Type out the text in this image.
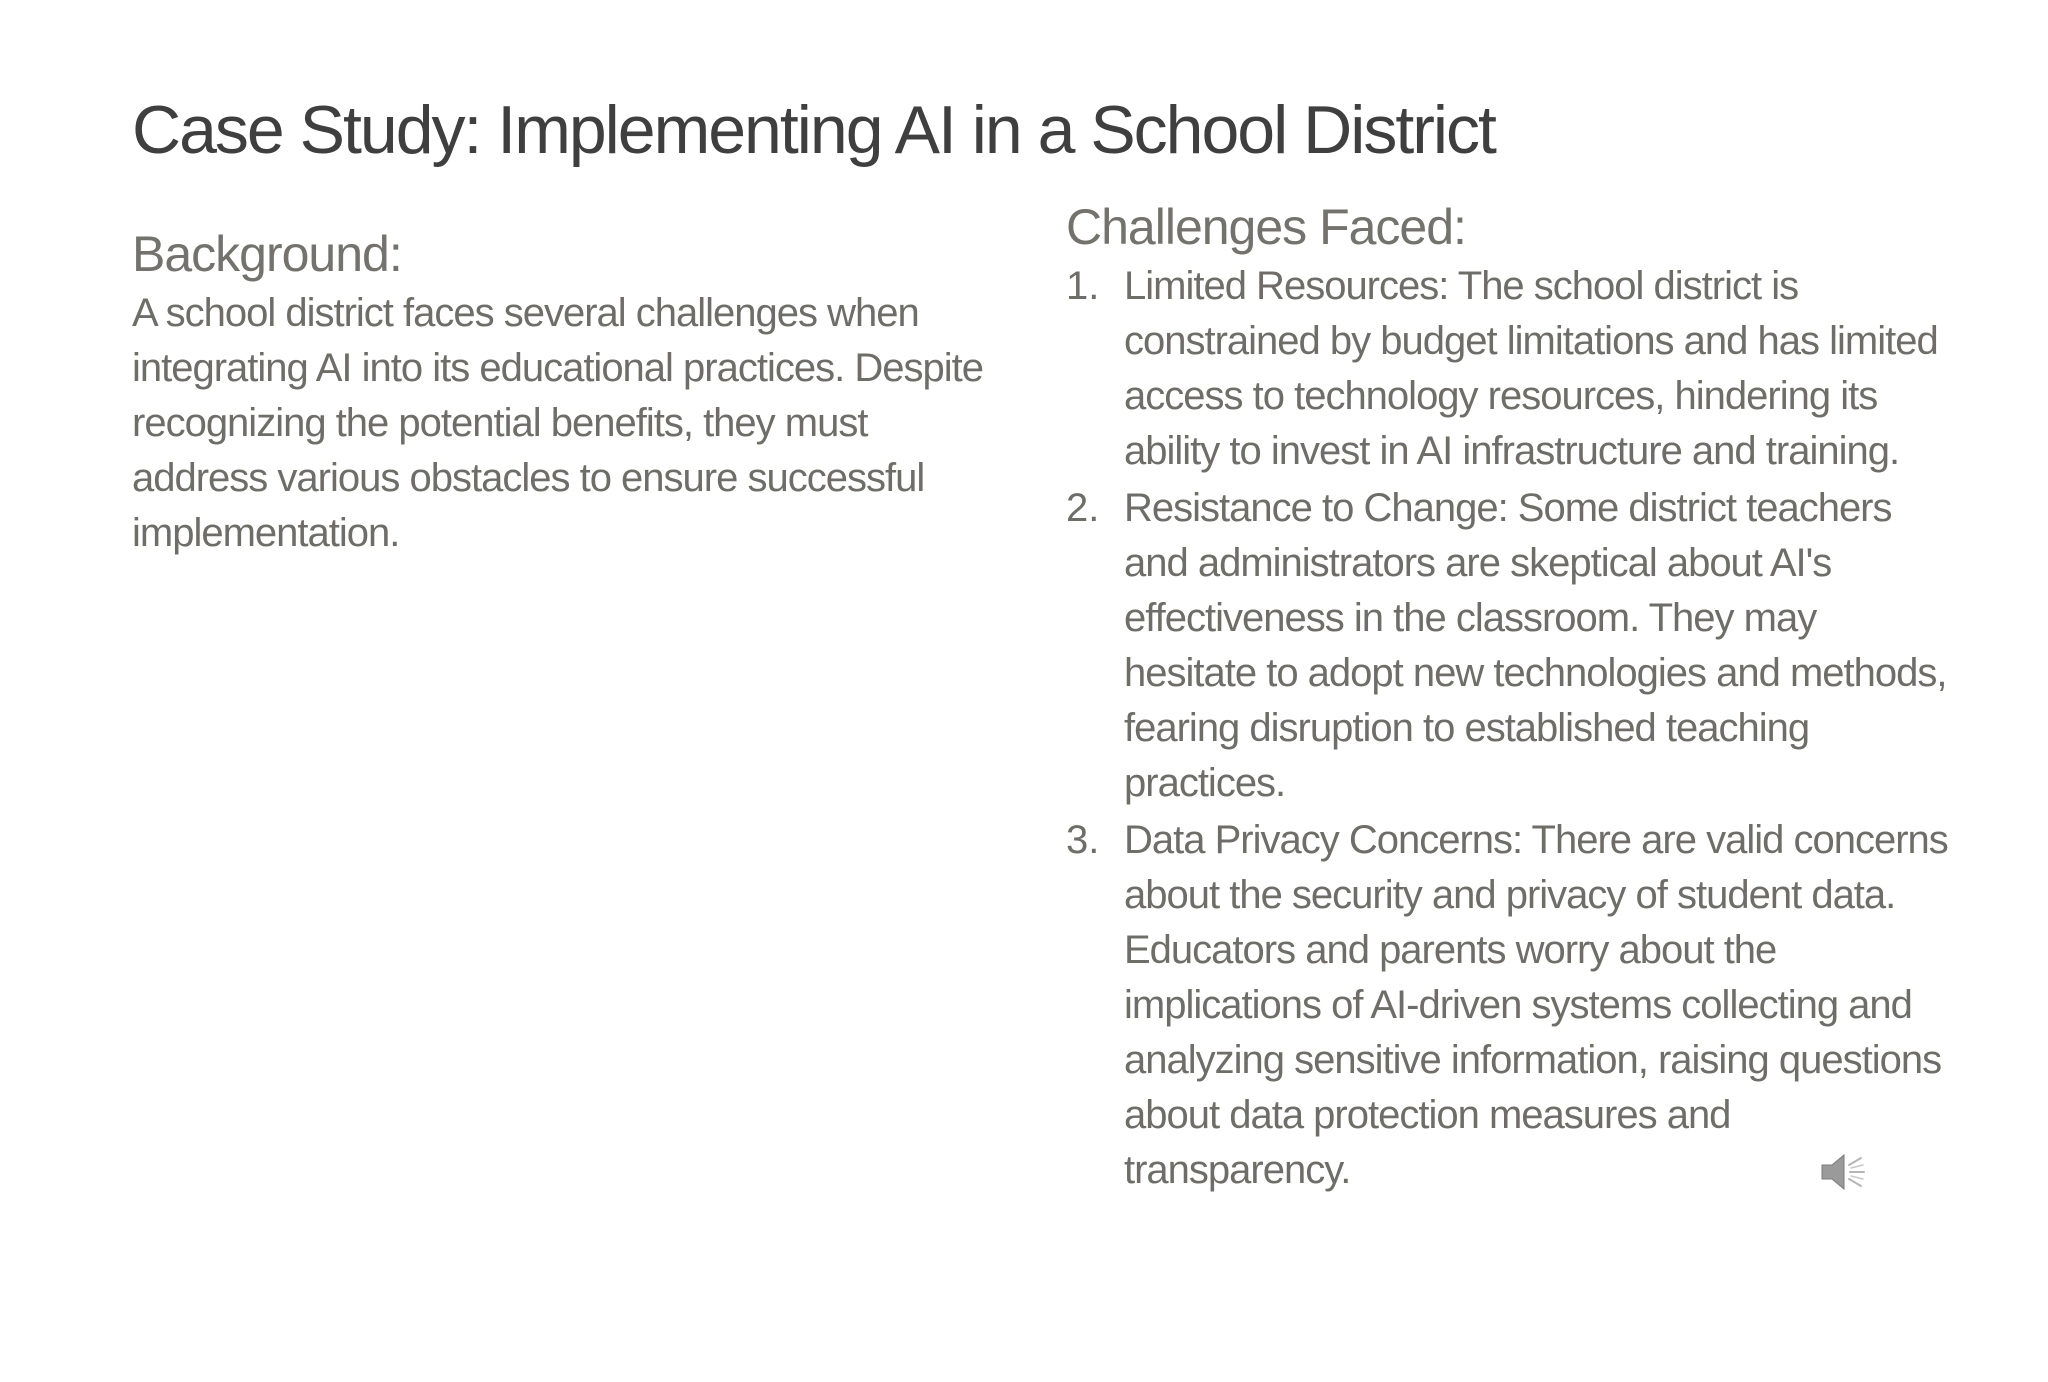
Case Study: Implementing AI in a School District
Background:

A school district faces several challenges when integrating AI into its educational practices. Despite recognizing the potential benefits, they must address various obstacles to ensure successful implementation.

Challenges Faced:
1. Limited Resources: The school district is constrained by budget limitations and has limited access to technology resources, hindering its ability to invest in AI infrastructure and training.
2. Resistance to Change: Some district teachers and administrators are skeptical about AI's effectiveness in the classroom. They may hesitate to adopt new technologies and methods, fearing disruption to established teaching practices.
3. Data Privacy Concerns: There are valid concerns about the security and privacy of student data. Educators and parents worry about the implications of AI-driven systems collecting and analyzing sensitive information, raising questions about data protection measures and transparency.
